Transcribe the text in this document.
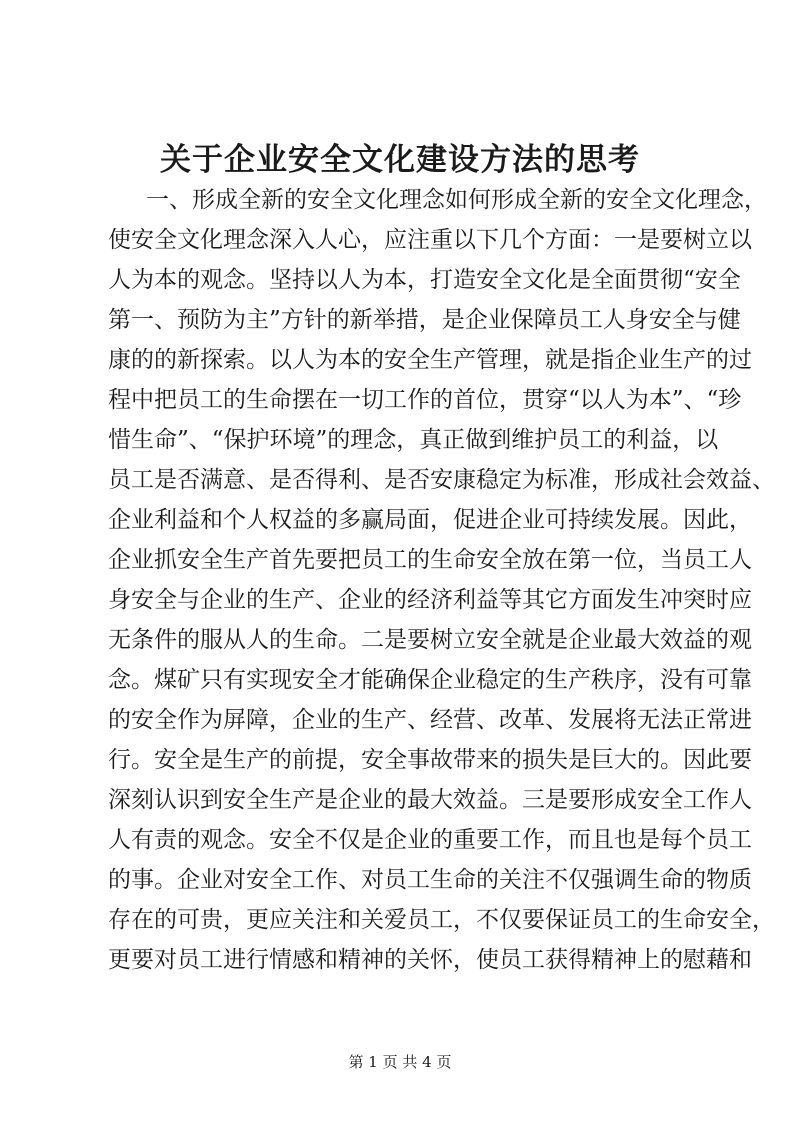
关于企业安全文化建设方法的思考
一、形成全新的安全文化理念如何形成全新的安全文化理念，
使安全文化理念深入人心，应注重以下几个方面：一是要树立以
人为本的观念。坚持以人为本，打造安全文化是全面贯彻“安全
第一、预防为主”方针的新举措，是企业保障员工人身安全与健
康的的新探索。以人为本的安全生产管理，就是指企业生产的过
程中把员工的生命摆在一切工作的首位，贯穿“以人为本”、“珍
惜生命”、“保护环境”的理念，真正做到维护员工的利益，以
员工是否满意、是否得利、是否安康稳定为标准，形成社会效益、
企业利益和个人权益的多赢局面，促进企业可持续发展。因此，
企业抓安全生产首先要把员工的生命安全放在第一位，当员工人
身安全与企业的生产、企业的经济利益等其它方面发生冲突时应
无条件的服从人的生命。二是要树立安全就是企业最大效益的观
念。煤矿只有实现安全才能确保企业稳定的生产秩序，没有可靠
的安全作为屏障，企业的生产、经营、改革、发展将无法正常进
行。安全是生产的前提，安全事故带来的损失是巨大的。因此要
深刻认识到安全生产是企业的最大效益。三是要形成安全工作人
人有责的观念。安全不仅是企业的重要工作，而且也是每个员工
的事。企业对安全工作、对员工生命的关注不仅强调生命的物质
存在的可贵，更应关注和关爱员工，不仅要保证员工的生命安全，
更要对员工进行情感和精神的关怀，使员工获得精神上的慰藉和
第 1 页 共 4 页
